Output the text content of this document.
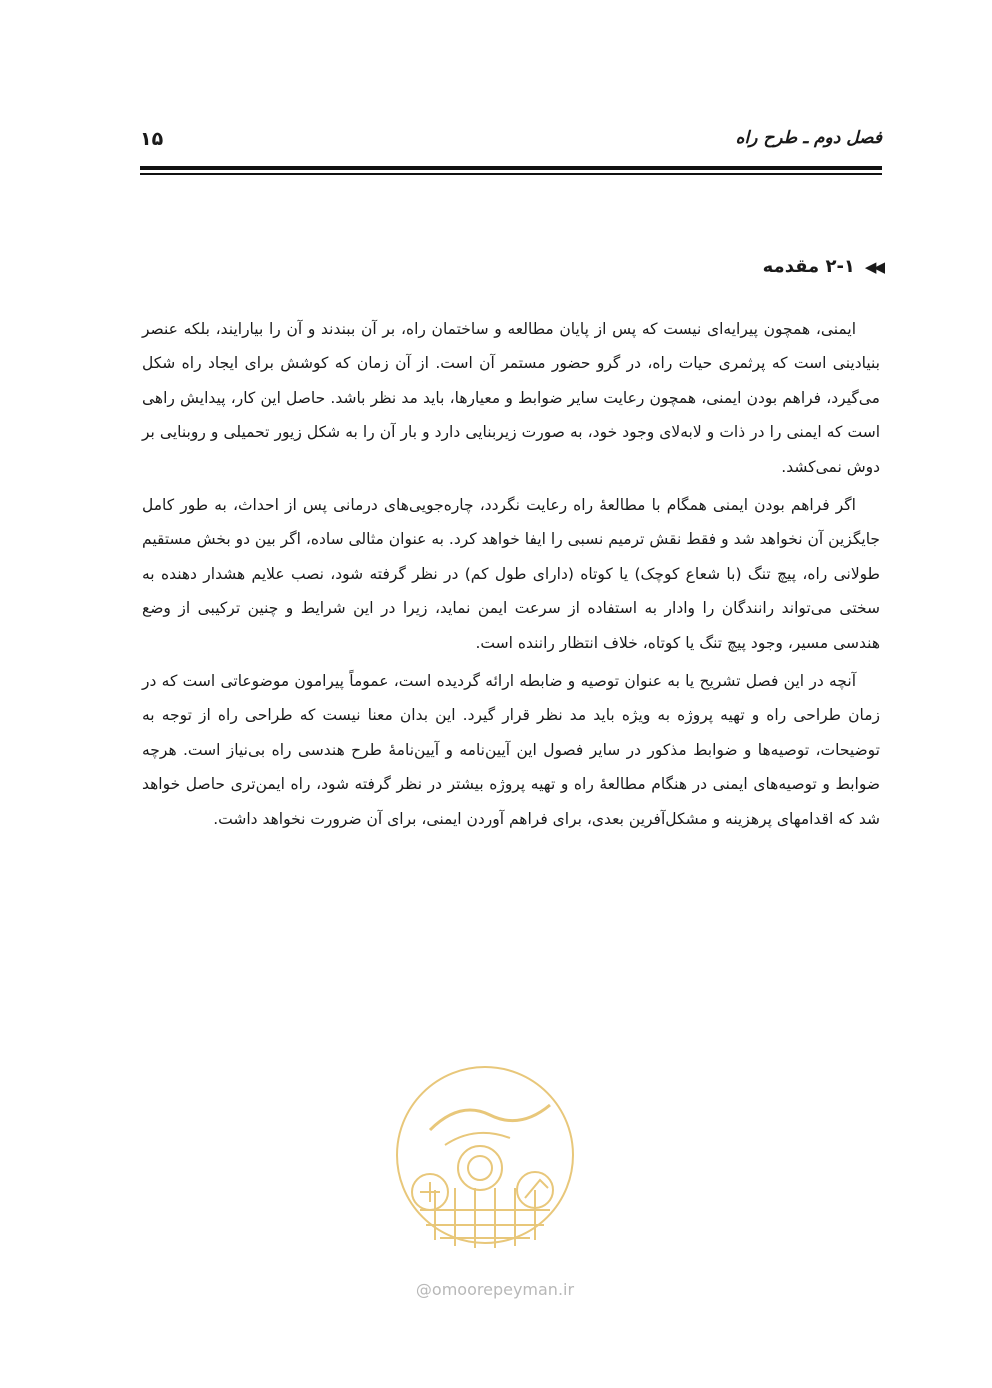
فصل دوم ـ طرح راه
۱۵
◀◀
۲-۱ مقدمه

ایمنی، همچون پیرایه‌ای نیست که پس از پایان مطالعه و ساختمان راه، بر آن ببندند و آن را بیارایند، بلکه عنصر بنیادینی است که پرثمری حیات راه، در گرو حضور مستمر آن است. از آن زمان که کوشش برای ایجاد راه شکل می‌گیرد، فراهم بودن ایمنی، همچون رعایت سایر ضوابط و معیارها، باید مد نظر باشد. حاصل این کار، پیدایش راهی است که ایمنی را در ذات و لابه‌لای وجود خود، به صورت زیربنایی دارد و بار آن را به شکل زیور تحمیلی و روبنایی بر دوش نمی‌کشد.

اگر فراهم بودن ایمنی همگام با مطالعهٔ راه رعایت نگردد، چاره‌جویی‌های درمانی پس از احداث، به طور کامل جایگزین آن نخواهد شد و فقط نقش ترمیم نسبی را ایفا خواهد کرد. به عنوان مثالی ساده، اگر بین دو بخش مستقیم طولانی راه، پیچ تنگ (با شعاع کوچک) یا کوتاه (دارای طول کم) در نظر گرفته شود، نصب علایم هشدار دهنده به سختی می‌تواند رانندگان را وادار به استفاده از سرعت ایمن نماید، زیرا در این شرایط و چنین ترکیبی از وضع هندسی مسیر، وجود پیچ تنگ یا کوتاه، خلاف انتظار راننده است.

آنچه در این فصل تشریح یا به عنوان توصیه و ضابطه ارائه گردیده است، عموماً پیرامون موضوعاتی است که در زمان طراحی راه و تهیه پروژه به ویژه باید مد نظر قرار گیرد. این بدان معنا نیست که طراحی راه از توجه به توضیحات، توصیه‌ها و ضوابط مذکور در سایر فصول این آیین‌نامه و آیین‌نامهٔ طرح هندسی راه بی‌نیاز است. هرچه ضوابط و توصیه‌های ایمنی در هنگام مطالعهٔ راه و تهیه پروژه بیشتر در نظر گرفته شود، راه ایمن‌تری حاصل خواهد شد که اقدامهای پرهزینه و مشکل‌آفرین بعدی، برای فراهم آوردن ایمنی، برای آن ضرورت نخواهد داشت.

@omoorepeyman.ir
